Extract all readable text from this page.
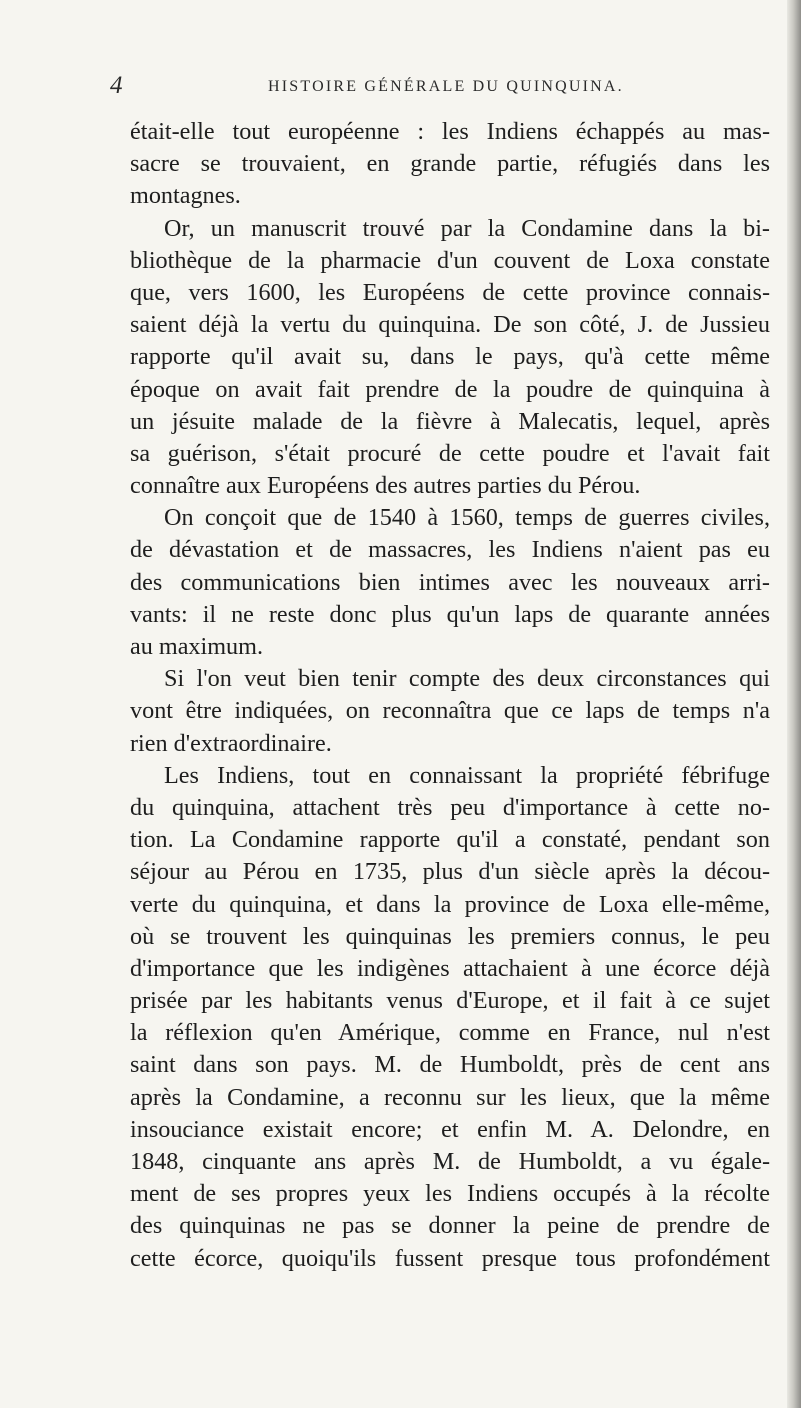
4	HISTOIRE GÉNÉRALE DU QUINQUINA.
était-elle tout européenne : les Indiens échappés au mas-
sacre se trouvaient, en grande partie, réfugiés dans les
montagnes.
Or, un manuscrit trouvé par la Condamine dans la bi-
bliothèque de la pharmacie d'un couvent de Loxa constate
que, vers 1600, les Européens de cette province connais-
saient déjà la vertu du quinquina. De son côté, J. de Jussieu
rapporte qu'il avait su, dans le pays, qu'à cette même
époque on avait fait prendre de la poudre de quinquina à
un jésuite malade de la fièvre à Malecatis, lequel, après
sa guérison, s'était procuré de cette poudre et l'avait fait
connaître aux Européens des autres parties du Pérou.
On conçoit que de 1540 à 1560, temps de guerres civiles,
de dévastation et de massacres, les Indiens n'aient pas eu
des communications bien intimes avec les nouveaux arri-
vants: il ne reste donc plus qu'un laps de quarante années
au maximum.
Si l'on veut bien tenir compte des deux circonstances qui
vont être indiquées, on reconnaîtra que ce laps de temps n'a
rien d'extraordinaire.
Les Indiens, tout en connaissant la propriété fébrifuge
du quinquina, attachent très peu d'importance à cette no-
tion. La Condamine rapporte qu'il a constaté, pendant son
séjour au Pérou en 1735, plus d'un siècle après la décou-
verte du quinquina, et dans la province de Loxa elle-même,
où se trouvent les quinquinas les premiers connus, le peu
d'importance que les indigènes attachaient à une écorce déjà
prisée par les habitants venus d'Europe, et il fait à ce sujet
la réflexion qu'en Amérique, comme en France, nul n'est
saint dans son pays. M. de Humboldt, près de cent ans
après la Condamine, a reconnu sur les lieux, que la même
insouciance existait encore; et enfin M. A. Delondre, en
1848, cinquante ans après M. de Humboldt, a vu égale-
ment de ses propres yeux les Indiens occupés à la récolte
des quinquinas ne pas se donner la peine de prendre de
cette écorce, quoiqu'ils fussent presque tous profondément
